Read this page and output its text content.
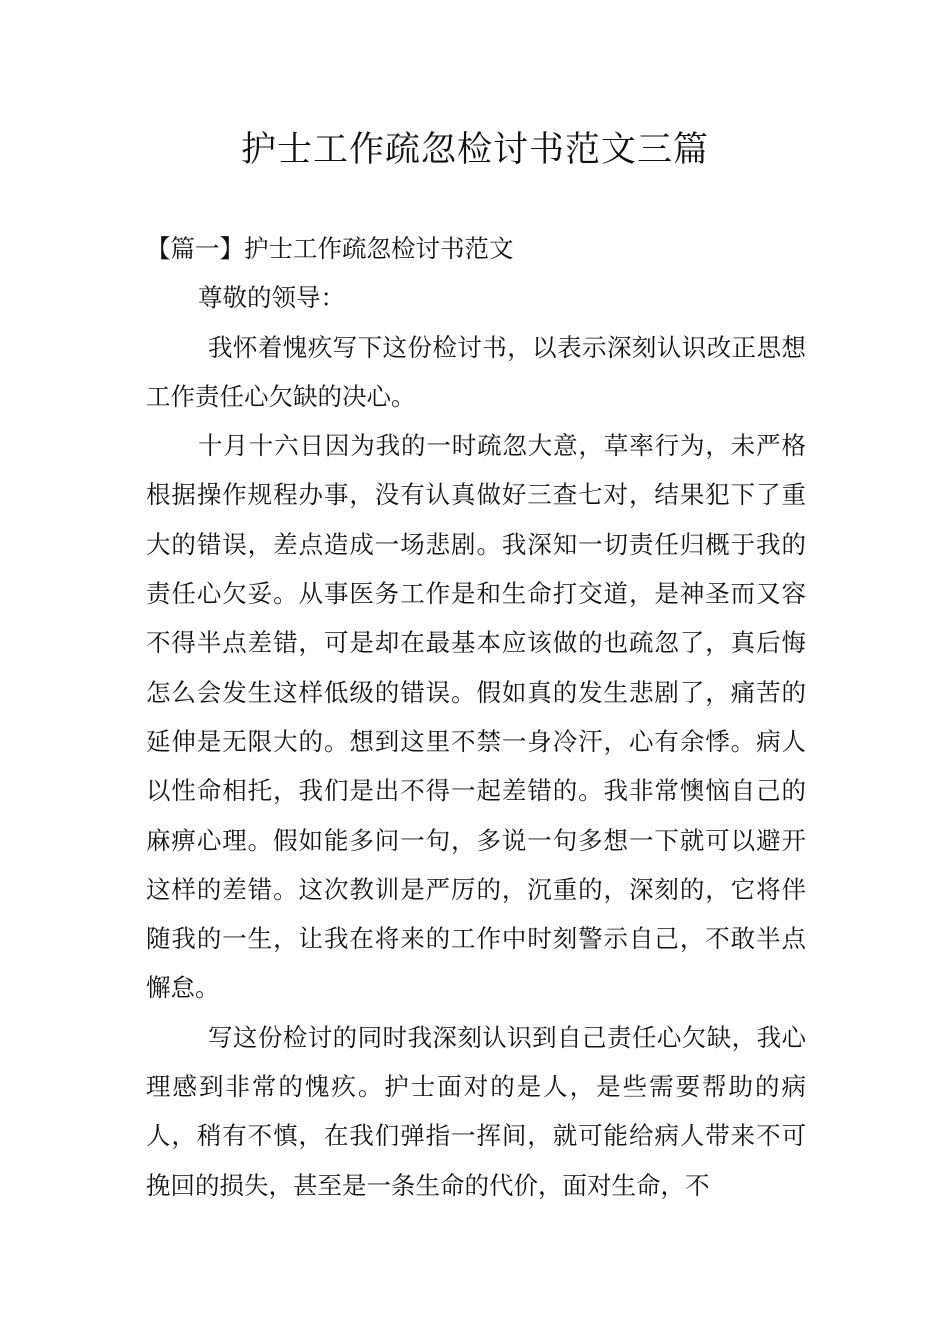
护士工作疏忽检讨书范文三篇

【篇一】护士工作疏忽检讨书范文

尊敬的领导：

我怀着愧疚写下这份检讨书，以表示深刻认识改正思想工作责任心欠缺的决心。

十月十六日因为我的一时疏忽大意，草率行为，未严格根据操作规程办事，没有认真做好三查七对，结果犯下了重大的错误，差点造成一场悲剧。我深知一切责任归概于我的责任心欠妥。从事医务工作是和生命打交道，是神圣而又容不得半点差错，可是却在最基本应该做的也疏忽了，真后悔怎么会发生这样低级的错误。假如真的发生悲剧了，痛苦的延伸是无限大的。想到这里不禁一身冷汗，心有余悸。病人以性命相托，我们是出不得一起差错的。我非常懊恼自己的麻痹心理。假如能多问一句，多说一句多想一下就可以避开这样的差错。这次教训是严厉的，沉重的，深刻的，它将伴随我的一生，让我在将来的工作中时刻警示自己，不敢半点懈怠。

写这份检讨的同时我深刻认识到自己责任心欠缺，我心理感到非常的愧疚。护士面对的是人，是些需要帮助的病人，稍有不慎，在我们弹指一挥间，就可能给病人带来不可挽回的损失，甚至是一条生命的代价，面对生命，不
